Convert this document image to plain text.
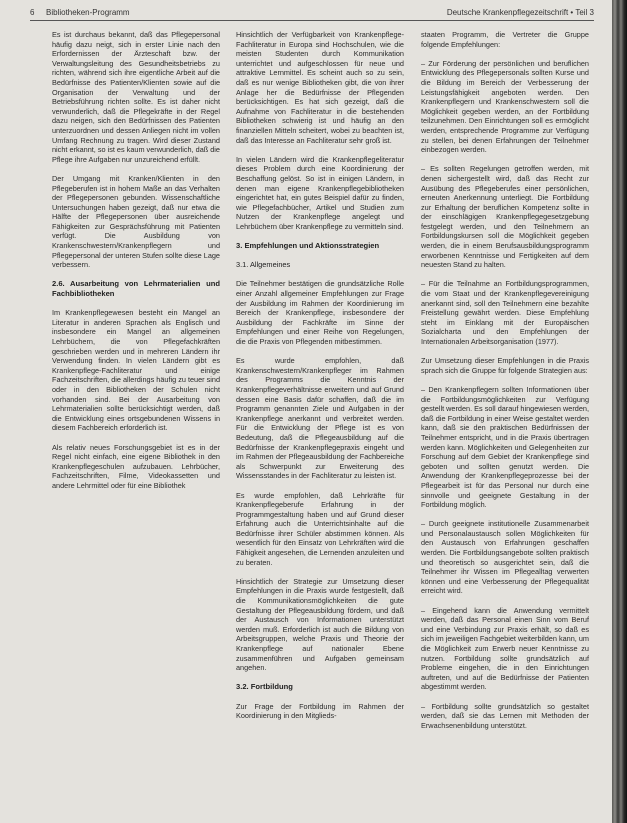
6 Bibliotheken-Programm	Deutsche Krankenpflegezeitschrift • Teil 3

Es ist durchaus bekannt, daß das Pflegepersonal häufig dazu neigt, sich in erster Linie nach den Erfordernissen der Ärzteschaft bzw. der Verwaltungsleitung des Gesundheitsbetriebs zu richten, während sich ihre eigentliche Arbeit auf die Bedürfnisse des Patienten/Klienten sowie auf die Organisation der Verwaltung und der Betriebsführung richten sollte. Es ist daher nicht verwunderlich, daß die Pflegekräfte in der Regel dazu neigen, sich den Bedürfnissen des Patienten unterzuordnen und dessen Anliegen nicht im vollen Umfang Rechnung zu tragen. Wird dieser Zustand nicht erkannt, so ist es kaum verwunderlich, daß die Pflege ihre Aufgaben nur unzureichend erfüllt.

Der Umgang mit Kranken/Klienten in den Pflegeberufen ist in hohem Maße an das Verhalten der Pflegepersonen gebunden. Wissenschaftliche Untersuchungen haben gezeigt, daß nur etwa die Hälfte der Pflegepersonen über ausreichende Fähigkeiten zur Gesprächsführung mit Patienten verfügt. Die Ausbildung von Krankenschwestern/Krankenpflegern und Pflegepersonal der unteren Stufen sollte diese Lage verbessern.

2.6. Ausarbeitung von Lehrmaterialien und Fachbibliotheken

Im Krankenpflegewesen besteht ein Mangel an Literatur in anderen Sprachen als Englisch und insbesondere ein Mangel an allgemeinen Lehrbüchern, die von Pflegefachkräften geschrieben werden und in mehreren Ländern ihr Verwendung finden. In vielen Ländern gibt es Krankenpflege-Fachliteratur und einige Fachzeitschriften, die allerdings häufig zu teuer sind oder in den Bibliotheken der Schulen nicht vorhanden sind. Bei der Ausarbeitung von Lehrmaterialien sollte berücksichtigt werden, daß die Entwicklung eines ortsgebundenen Wissens in diesem Fachbereich erforderlich ist.

Als relativ neues Forschungsgebiet ist es in der Regel nicht einfach, eine eigene Bibliothek in den Krankenpflegeschulen aufzubauen. Lehrbücher, Fachzeitschriften, Filme, Videokassetten und andere Lehrmittel oder für eine Bibliothek

Hinsichtlich der Verfügbarkeit von Krankenpflege-Fachliteratur in Europa sind Hochschulen, wie die meisten Studenten durch Kommunikation unterrichtet und aufgeschlossen für neue und attraktive Lernmittel. Es scheint auch so zu sein, daß es nur wenige Bibliotheken gibt, die von ihrer Anlage her die Bedürfnisse der Pflegenden berücksichtigen. Es hat sich gezeigt, daß die Aufnahme von Fachliteratur in die bestehenden Bibliotheken schwierig ist und häufig an den finanziellen Mitteln scheitert, wobei zu beachten ist, daß das Interesse an Fachliteratur sehr groß ist.

In vielen Ländern wird die Krankenpflegeliteratur dieses Problem durch eine Koordinierung der Beschaffung gelöst. So ist in einigen Ländern, in denen man eigene Krankenpflegebibliotheken eingerichtet hat, ein gutes Beispiel dafür zu finden, wie Pflegefachbücher, Artikel und Studien zum Nutzen der Krankenpflege angelegt und Lehrbüchern über Krankenpflege zu vermitteln sind.

3. Empfehlungen und Aktionsstrategien
3.1. Allgemeines

Die Teilnehmer bestätigen die grundsätzliche Rolle einer Anzahl allgemeiner Empfehlungen zur Frage der Ausbildung im Rahmen der Koordinierung im Bereich der Krankenpflege, insbesondere der Ausbildung der Fachkräfte im Sinne der Empfehlungen und einer Reihe von Regelungen, die die Praxis von Pflegenden mitbestimmen.

Es wurde empfohlen, daß Krankenschwestern/Krankenpfleger im Rahmen des Programms die Kenntnis der Krankenpflegeverhältnisse erweitern und auf Grund dessen eine Basis dafür schaffen, daß die im Programm genannten Ziele und Aufgaben in der Krankenpflege anerkannt und verbreitet werden. Für die Entwicklung der Pflege ist es von Bedeutung, daß die Pflegeausbildung auf die Bedürfnisse der Krankenpflegepraxis eingeht und im Rahmen der Pflegeausbildung der Fachbereiche als Schwerpunkt zur Erweiterung des Wissensstandes in der Fachliteratur zu leisten ist.

Es wurde empfohlen, daß Lehrkräfte für Krankenpflegeberufe Erfahrung in der Programmgestaltung haben und auf Grund dieser Erfahrung auch die Unterrichtsinhalte auf die Bedürfnisse ihrer Schüler abstimmen können. Als wesentlich für den Einsatz von Lehrkräften wird die Fähigkeit angesehen, die Lernenden anzuleiten und zu beraten.

Hinsichtlich der Strategie zur Umsetzung dieser Empfehlungen in die Praxis wurde festgestellt, daß die Kommunikationsmöglichkeiten die gute Gestaltung der Pflegeausbildung fördern, und daß der Austausch von Informationen unterstützt werden muß. Erforderlich ist auch die Bildung von Arbeitsgruppen, welche Praxis und Theorie der Krankenpflege auf nationaler Ebene zusammenführen und Aufgaben gemeinsam angehen.

3.2. Fortbildung

Zur Frage der Fortbildung im Rahmen der Koordinierung in den Mitglieds-

staaten Programm, die Vertreter die Gruppe folgende Empfehlungen:

– Zur Förderung der persönlichen und beruflichen Entwicklung des Pflegepersonals sollten Kurse und die Bildung im Bereich der Verbesserung der Leistungsfähigkeit angeboten werden. Den Krankenpflegern und Krankenschwestern soll die Möglichkeit gegeben werden, an der Fortbildung teilzunehmen. Den Einrichtungen soll es ermöglicht werden, entsprechende Programme zur Verfügung zu stellen, bei denen Erfahrungen der Teilnehmer einbezogen werden.

– Es sollten Regelungen getroffen werden, mit denen sichergestellt wird, daß das Recht zur Ausübung des Pflegeberufes einer persönlichen, erneuten Anerkennung unterliegt. Die Fortbildung zur Erhaltung der beruflichen Kompetenz sollte in der einschlägigen Krankenpflegegesetzgebung festgelegt werden, und den Teilnehmern an Fortbildungskursen soll die Möglichkeit gegeben werden, die in einem Berufsausbildungsprogramm erworbenen Kenntnisse und Fertigkeiten auf dem neuesten Stand zu halten.

– Für die Teilnahme an Fortbildungsprogrammen, die vom Staat und der Krankenpflegevereinigung anerkannt sind, soll den Teilnehmern eine bezahlte Freistellung gewährt werden. Diese Empfehlung steht im Einklang mit der Europäischen Sozialcharta und den Empfehlungen der Internationalen Arbeitsorganisation (1977).

Zur Umsetzung dieser Empfehlungen in die Praxis sprach sich die Gruppe für folgende Strategien aus:

– Den Krankenpflegern sollten Informationen über die Fortbildungsmöglichkeiten zur Verfügung gestellt werden. Es soll darauf hingewiesen werden, daß die Fortbildung in einer Weise gestaltet werden kann, daß sie den praktischen Bedürfnissen der Teilnehmer entspricht, und in die Praxis übertragen werden kann. Möglichkeiten und Gelegenheiten zur Forschung auf dem Gebiet der Krankenpflege sind geboten und sollten genutzt werden. Die Anwendung der Krankenpflegeprozesse bei der Pflegearbeit ist für das Personal nur durch eine sinnvolle und geeignete Gestaltung in der Fortbildung möglich.

– Durch geeignete institutionelle Zusammenarbeit und Personalaustausch sollen Möglichkeiten für den Austausch von Erfahrungen geschaffen werden. Die Fortbildungsangebote sollten praktisch und theoretisch so ausgerichtet sein, daß die Teilnehmer ihr Wissen im Pflegealltag verwerten können und eine Verbesserung der Pflegequalität erreicht wird.

– Eingehend kann die Anwendung vermittelt werden, daß das Personal einen Sinn vom Beruf und eine Verbindung zur Praxis erhält, so daß es sich im jeweiligen Fachgebiet weiterbilden kann, um die Möglichkeit zum Erwerb neuer Kenntnisse zu nutzen. Fortbildung sollte grundsätzlich auf Probleme eingehen, die in den Einrichtungen auftreten, und auf die Bedürfnisse der Patienten abgestimmt werden.

– Fortbildung sollte grundsätzlich so gestaltet werden, daß sie das Lernen mit Methoden der Erwachsenenbildung unterstützt.
